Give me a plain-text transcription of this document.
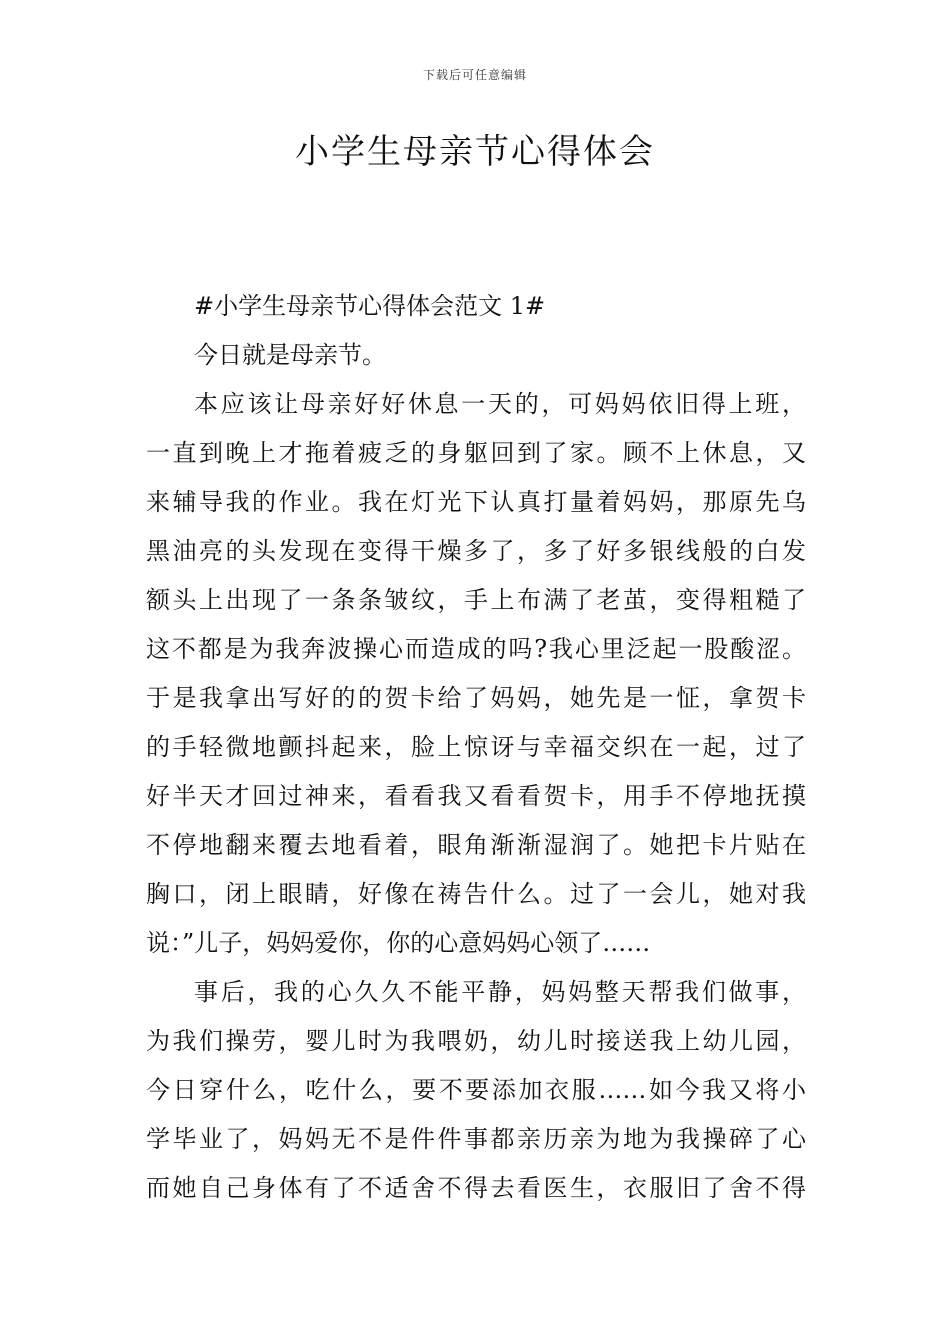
下载后可任意编辑
小学生母亲节心得体会
#小学生母亲节心得体会范文 1#
今日就是母亲节。
本应该让母亲好好休息一天的，可妈妈依旧得上班，
一直到晚上才拖着疲乏的身躯回到了家。顾不上休息，又
来辅导我的作业。我在灯光下认真打量着妈妈，那原先乌
黑油亮的头发现在变得干燥多了，多了好多银线般的白发
额头上出现了一条条皱纹，手上布满了老茧，变得粗糙了
这不都是为我奔波操心而造成的吗?我心里泛起一股酸涩。
于是我拿出写好的的贺卡给了妈妈，她先是一怔，拿贺卡
的手轻微地颤抖起来，脸上惊讶与幸福交织在一起，过了
好半天才回过神来，看看我又看看贺卡，用手不停地抚摸
不停地翻来覆去地看着，眼角渐渐湿润了。她把卡片贴在
胸口，闭上眼睛，好像在祷告什么。过了一会儿，她对我
说：”儿子，妈妈爱你，你的心意妈妈心领了……
事后，我的心久久不能平静，妈妈整天帮我们做事，
为我们操劳，婴儿时为我喂奶，幼儿时接送我上幼儿园，
今日穿什么，吃什么，要不要添加衣服……如今我又将小
学毕业了，妈妈无不是件件事都亲历亲为地为我操碎了心
而她自己身体有了不适舍不得去看医生，衣服旧了舍不得
